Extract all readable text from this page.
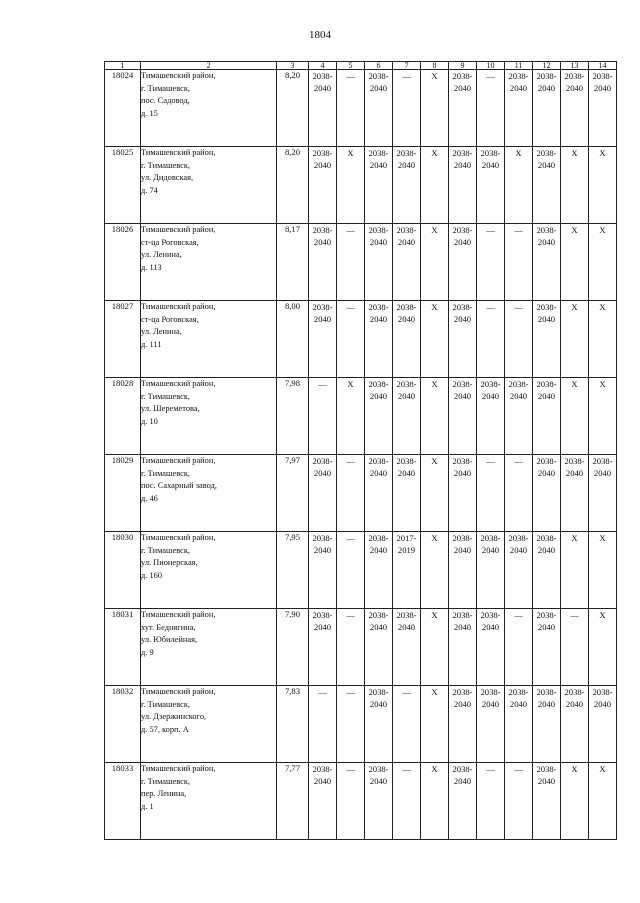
1804
1	2	3	4	5	6	7	8	9	10	11	12	13	14
18024	Тимашевский район,
г. Тимашевск,
пос. Садовод,
д. 15	8,20	2038-2040	—	2038-2040	—	X	2038-2040	—	2038-2040	2038-2040	2038-2040	2038-2040
18025	Тимашевский район,
г. Тимашевск,
ул. Дидовская,
д. 74	8,20	2038-2040	X	2038-2040	2038-2040	X	2038-2040	2038-2040	X	2038-2040	X	X
18026	Тимашевский район,
ст-ца Роговская,
ул. Ленина,
д. 113	8,17	2038-2040	—	2038-2040	2038-2040	X	2038-2040	—	—	2038-2040	X	X
18027	Тимашевский район,
ст-ца Роговская,
ул. Ленина,
д. 111	8,00	2038-2040	—	2038-2040	2038-2040	X	2038-2040	—	—	2038-2040	X	X
18028	Тимашевский район,
г. Тимашевск,
ул. Шереметова,
д. 10	7,98	—	X	2038-2040	2038-2040	X	2038-2040	2038-2040	2038-2040	2038-2040	X	X
18029	Тимашевский район,
г. Тимашевск,
пос. Сахарный завод,
д. 46	7,97	2038-2040	—	2038-2040	2038-2040	X	2038-2040	—	—	2038-2040	2038-2040	2038-2040
18030	Тимашевский район,
г. Тимашевск,
ул. Пионерская,
д. 160	7,95	2038-2040	—	2038-2040	2017-2019	X	2038-2040	2038-2040	2038-2040	2038-2040	X	X
18031	Тимашевский район,
хут. Беднягина,
ул. Юбилейная,
д. 9	7,90	2038-2040	—	2038-2040	2038-2040	X	2038-2040	2038-2040	—	2038-2040	—	X
18032	Тимашевский район,
г. Тимашевск,
ул. Дзержинского,
д. 57, корп. А	7,83	—	—	2038-2040	—	X	2038-2040	2038-2040	2038-2040	2038-2040	2038-2040	2038-2040
18033	Тимашевский район,
г. Тимашевск,
пер. Ленина,
д. 1	7,77	2038-2040	—	2038-2040	—	X	2038-2040	—	—	2038-2040	X	X
